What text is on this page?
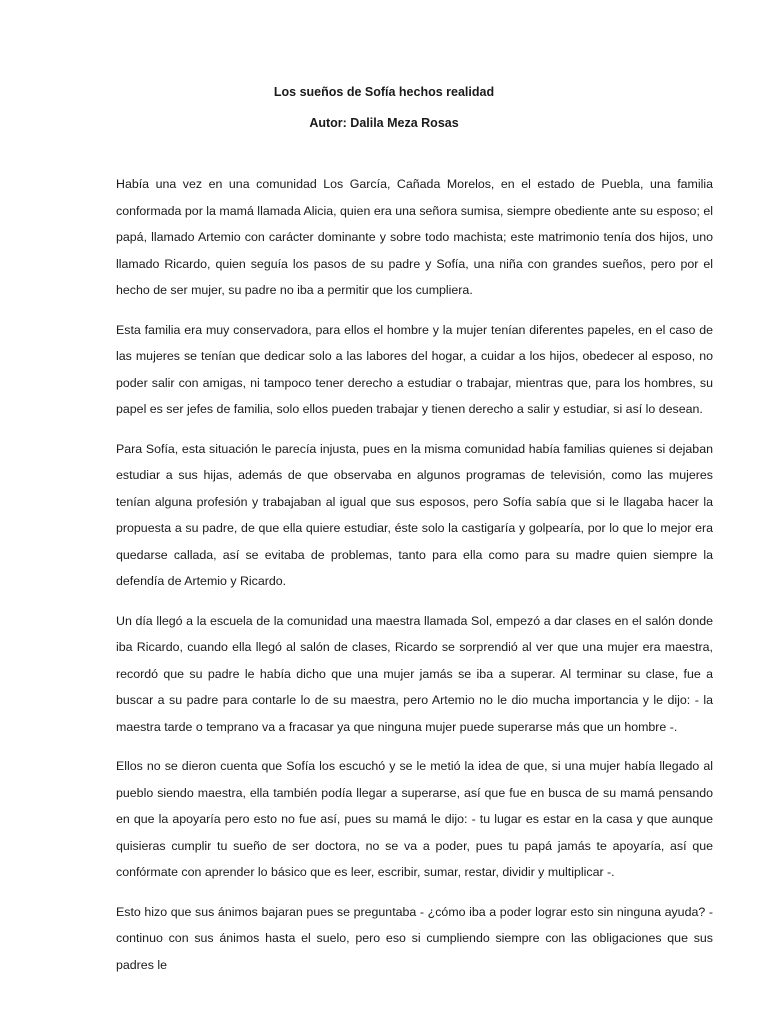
Los sueños de Sofía hechos realidad
Autor: Dalila Meza Rosas

Había una vez en una comunidad Los García, Cañada Morelos, en el estado de Puebla, una familia conformada por la mamá llamada Alicia, quien era una señora sumisa, siempre obediente ante su esposo; el papá, llamado Artemio con carácter dominante y sobre todo machista; este matrimonio tenía dos hijos, uno llamado Ricardo, quien seguía los pasos de su padre y Sofía, una niña con grandes sueños, pero por el hecho de ser mujer, su padre no iba a permitir que los cumpliera.

Esta familia era muy conservadora, para ellos el hombre y la mujer tenían diferentes papeles, en el caso de las mujeres se tenían que dedicar solo a las labores del hogar, a cuidar a los hijos, obedecer al esposo, no poder salir con amigas, ni tampoco tener derecho a estudiar o trabajar, mientras que, para los hombres, su papel es ser jefes de familia, solo ellos pueden trabajar y tienen derecho a salir y estudiar, si así lo desean.

Para Sofía, esta situación le parecía injusta, pues en la misma comunidad había familias quienes si dejaban estudiar a sus hijas, además de que observaba en algunos programas de televisión, como las mujeres tenían alguna profesión y trabajaban al igual que sus esposos, pero Sofía sabía que si le llagaba hacer la propuesta a su padre, de que ella quiere estudiar, éste solo la castigaría y golpearía, por lo que lo mejor era quedarse callada, así se evitaba de problemas, tanto para ella como para su madre quien siempre la defendía de Artemio y Ricardo.

Un día llegó a la escuela de la comunidad una maestra llamada Sol, empezó a dar clases en el salón donde iba Ricardo, cuando ella llegó al salón de clases, Ricardo se sorprendió al ver que una mujer era maestra, recordó que su padre le había dicho que una mujer jamás se iba a superar. Al terminar su clase, fue a buscar a su padre para contarle lo de su maestra, pero Artemio no le dio mucha importancia y le dijo: - la maestra tarde o temprano va a fracasar ya que ninguna mujer puede superarse más que un hombre -.

Ellos no se dieron cuenta que Sofía los escuchó y se le metió la idea de que, si una mujer había llegado al pueblo siendo maestra, ella también podía llegar a superarse, así que fue en busca de su mamá pensando en que la apoyaría pero esto no fue así, pues su mamá le dijo: - tu lugar es estar en la casa y que aunque quisieras cumplir tu sueño de ser doctora, no se va a poder, pues tu papá jamás te apoyaría, así que confórmate con aprender lo básico que es leer, escribir, sumar, restar, dividir y multiplicar -.

Esto hizo que sus ánimos bajaran pues se preguntaba - ¿cómo iba a poder lograr esto sin ninguna ayuda? - continuo con sus ánimos hasta el suelo, pero eso si cumpliendo siempre con las obligaciones que sus padres le
